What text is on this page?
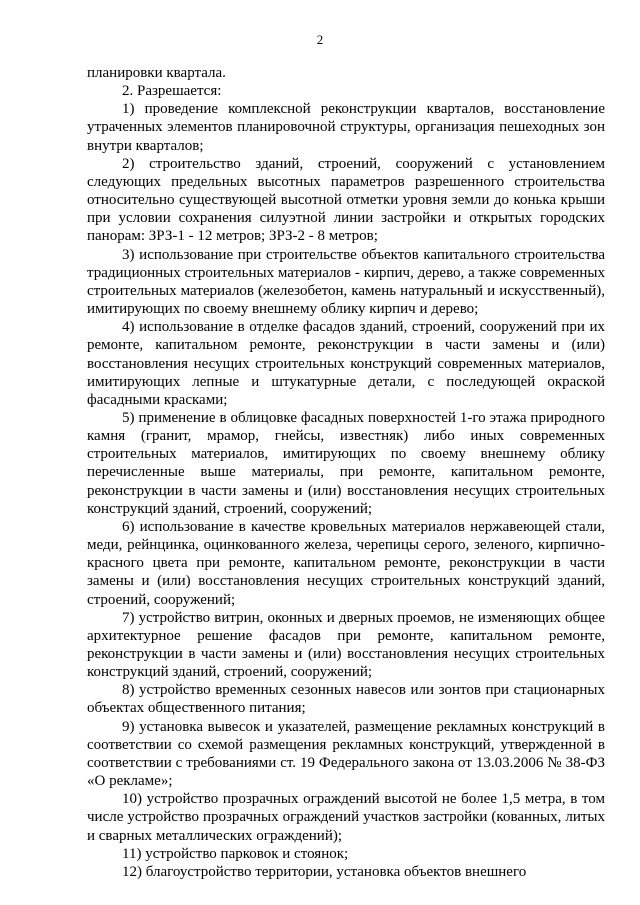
2

планировки квартала.

2. Разрешается:

1) проведение комплексной реконструкции кварталов, восстановление утраченных элементов планировочной структуры, организация пешеходных зон внутри кварталов;

2) строительство зданий, строений, сооружений с установлением следующих предельных высотных параметров разрешенного строительства относительно существующей высотной отметки уровня земли до конька крыши при условии сохранения силуэтной линии застройки и открытых городских панорам: ЗРЗ-1 - 12 метров; ЗРЗ-2 - 8 метров;

3) использование при строительстве объектов капитального строительства традиционных строительных материалов - кирпич, дерево, а также современных строительных материалов (железобетон, камень натуральный и искусственный), имитирующих по своему внешнему облику кирпич и дерево;

4) использование в отделке фасадов зданий, строений, сооружений при их ремонте, капитальном ремонте, реконструкции в части замены и (или) восстановления несущих строительных конструкций современных материалов, имитирующих лепные и штукатурные детали, с последующей окраской фасадными красками;

5) применение в облицовке фасадных поверхностей 1-го этажа природного камня (гранит, мрамор, гнейсы, известняк) либо иных современных строительных материалов, имитирующих по своему внешнему облику перечисленные выше материалы, при ремонте, капитальном ремонте, реконструкции в части замены и (или) восстановления несущих строительных конструкций зданий, строений, сооружений;

6) использование в качестве кровельных материалов нержавеющей стали, меди, рейнцинка, оцинкованного железа, черепицы серого, зеленого, кирпично-красного цвета при ремонте, капитальном ремонте, реконструкции в части замены и (или) восстановления несущих строительных конструкций зданий, строений, сооружений;

7) устройство витрин, оконных и дверных проемов, не изменяющих общее архитектурное решение фасадов при ремонте, капитальном ремонте, реконструкции в части замены и (или) восстановления несущих строительных конструкций зданий, строений, сооружений;

8) устройство временных сезонных навесов или зонтов при стационарных объектах общественного питания;

9) установка вывесок и указателей, размещение рекламных конструкций в соответствии со схемой размещения рекламных конструкций, утвержденной в соответствии с требованиями ст. 19 Федерального закона от 13.03.2006 № 38-ФЗ «О рекламе»;

10) устройство прозрачных ограждений высотой не более 1,5 метра, в том числе устройство прозрачных ограждений участков застройки (кованных, литых и сварных металлических ограждений);

11) устройство парковок и стоянок;

12) благоустройство территории, установка объектов внешнего
